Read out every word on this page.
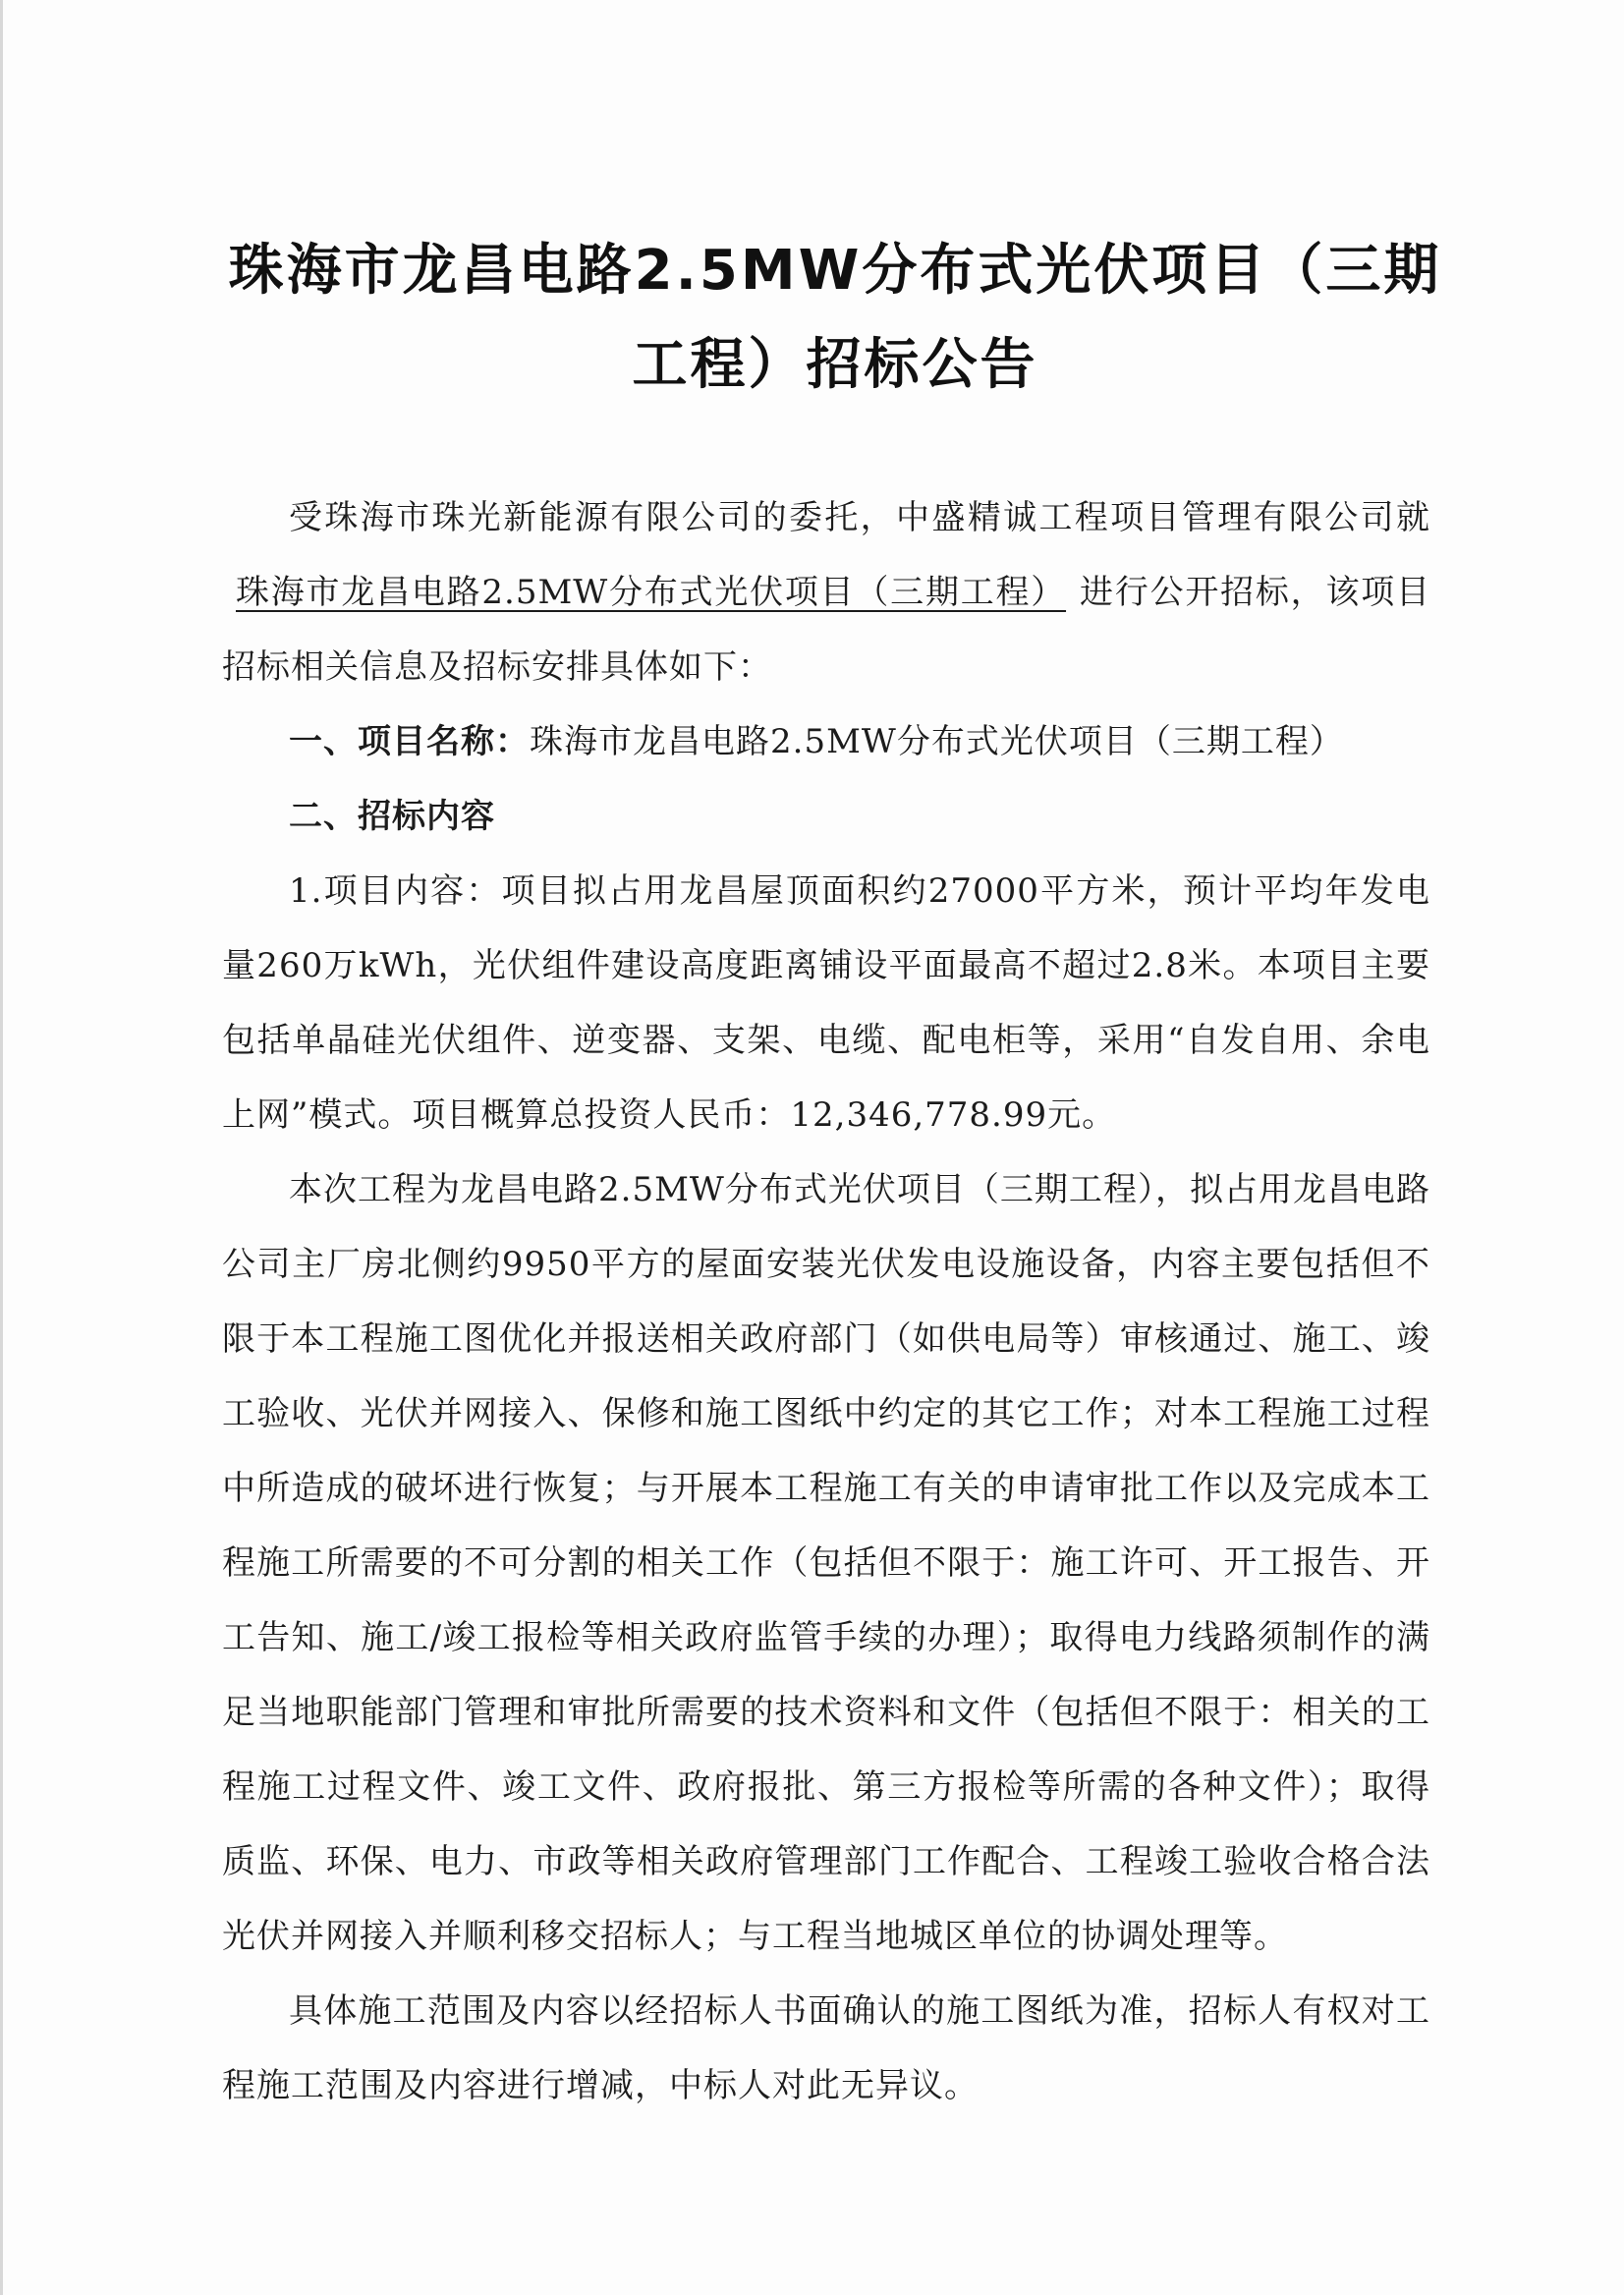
珠海市龙昌电路2.5MW分布式光伏项目（三期
工程）招标公告

受珠海市珠光新能源有限公司的委托，中盛精诚工程项目管理有限公司就珠海市龙昌电路2.5MW分布式光伏项目（三期工程） 进行公开招标，该项目招标相关信息及招标安排具体如下：

一、项目名称：珠海市龙昌电路2.5MW分布式光伏项目（三期工程）

二、招标内容

1.项目内容：项目拟占用龙昌屋顶面积约27000平方米，预计平均年发电量260万kWh，光伏组件建设高度距离铺设平面最高不超过2.8米。本项目主要包括单晶硅光伏组件、逆变器、支架、电缆、配电柜等，采用“自发自用、余电上网”模式。项目概算总投资人民币：12,346,778.99元。

本次工程为龙昌电路2.5MW分布式光伏项目（三期工程），拟占用龙昌电路公司主厂房北侧约9950平方的屋面安装光伏发电设施设备，内容主要包括但不限于本工程施工图优化并报送相关政府部门（如供电局等）审核通过、施工、竣工验收、光伏并网接入、保修和施工图纸中约定的其它工作；对本工程施工过程中所造成的破坏进行恢复；与开展本工程施工有关的申请审批工作以及完成本工程施工所需要的不可分割的相关工作（包括但不限于：施工许可、开工报告、开工告知、施工/竣工报检等相关政府监管手续的办理）；取得电力线路须制作的满足当地职能部门管理和审批所需要的技术资料和文件（包括但不限于：相关的工程施工过程文件、竣工文件、政府报批、第三方报检等所需的各种文件）；取得质监、环保、电力、市政等相关政府管理部门工作配合、工程竣工验收合格合法光伏并网接入并顺利移交招标人；与工程当地城区单位的协调处理等。

具体施工范围及内容以经招标人书面确认的施工图纸为准，招标人有权对工程施工范围及内容进行增减，中标人对此无异议。
